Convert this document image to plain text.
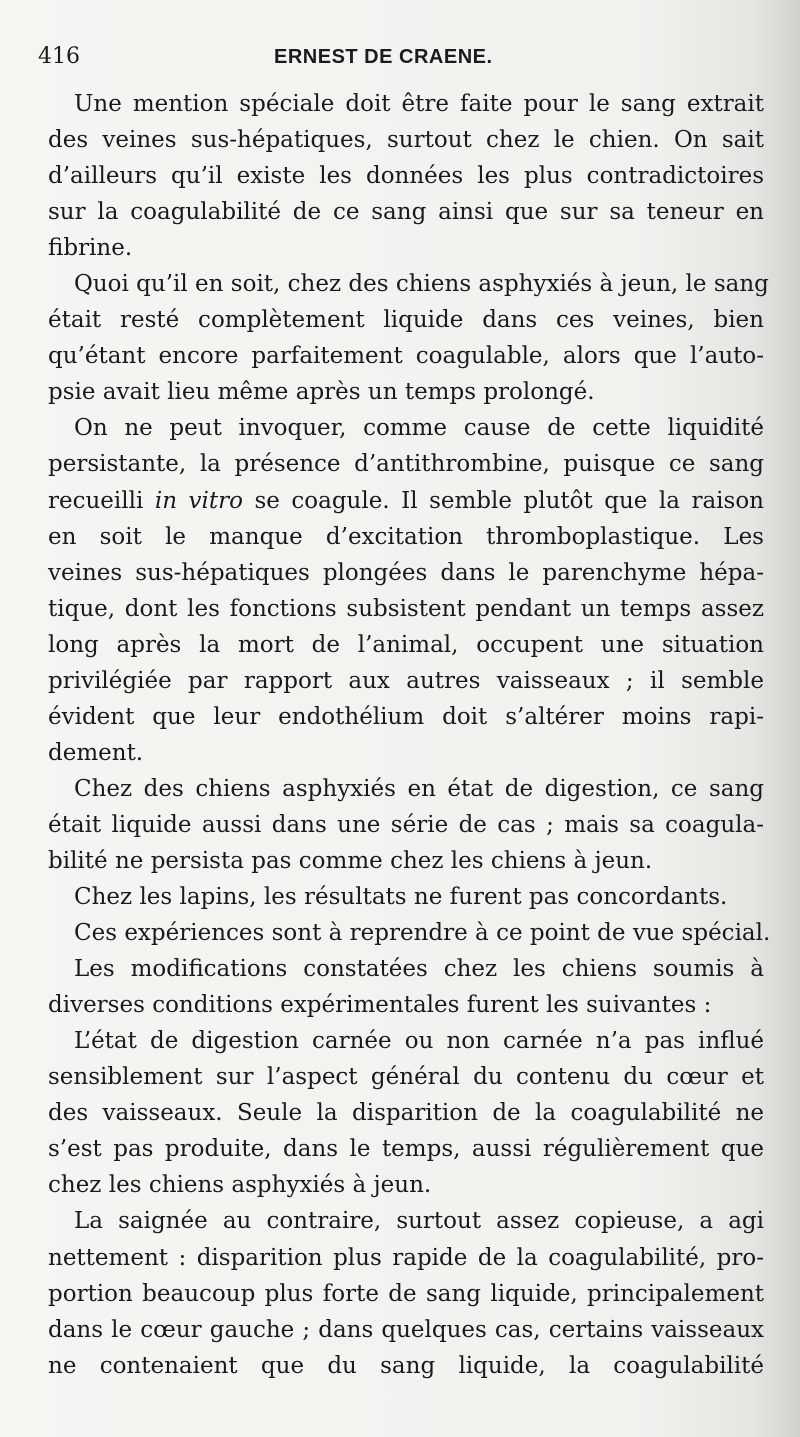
416	ERNEST DE CRAENE.
Une mention spéciale doit être faite pour le sang extrait
des veines sus-hépatiques, surtout chez le chien. On sait
d’ailleurs qu’il existe les données les plus contradictoires
sur la coagulabilité de ce sang ainsi que sur sa teneur en
fibrine.
Quoi qu’il en soit, chez des chiens asphyxiés à jeun, le sang
était resté complètement liquide dans ces veines, bien
qu’étant encore parfaitement coagulable, alors que l’auto-
psie avait lieu même après un temps prolongé.
On ne peut invoquer, comme cause de cette liquidité
persistante, la présence d’antithrombine, puisque ce sang
recueilli in vitro se coagule. Il semble plutôt que la raison
en soit le manque d’excitation thromboplastique. Les
veines sus-hépatiques plongées dans le parenchyme hépa-
tique, dont les fonctions subsistent pendant un temps assez
long après la mort de l’animal, occupent une situation
privilégiée par rapport aux autres vaisseaux ; il semble
évident que leur endothélium doit s’altérer moins rapi-
dement.
Chez des chiens asphyxiés en état de digestion, ce sang
était liquide aussi dans une série de cas ; mais sa coagula-
bilité ne persista pas comme chez les chiens à jeun.
Chez les lapins, les résultats ne furent pas concordants.
Ces expériences sont à reprendre à ce point de vue spécial.
Les modifications constatées chez les chiens soumis à
diverses conditions expérimentales furent les suivantes :
L’état de digestion carnée ou non carnée n’a pas influé
sensiblement sur l’aspect général du contenu du cœur et
des vaisseaux. Seule la disparition de la coagulabilité ne
s’est pas produite, dans le temps, aussi régulièrement que
chez les chiens asphyxiés à jeun.
La saignée au contraire, surtout assez copieuse, a agi
nettement : disparition plus rapide de la coagulabilité, pro-
portion beaucoup plus forte de sang liquide, principalement
dans le cœur gauche ; dans quelques cas, certains vaisseaux
ne contenaient que du sang liquide, la coagulabilité
